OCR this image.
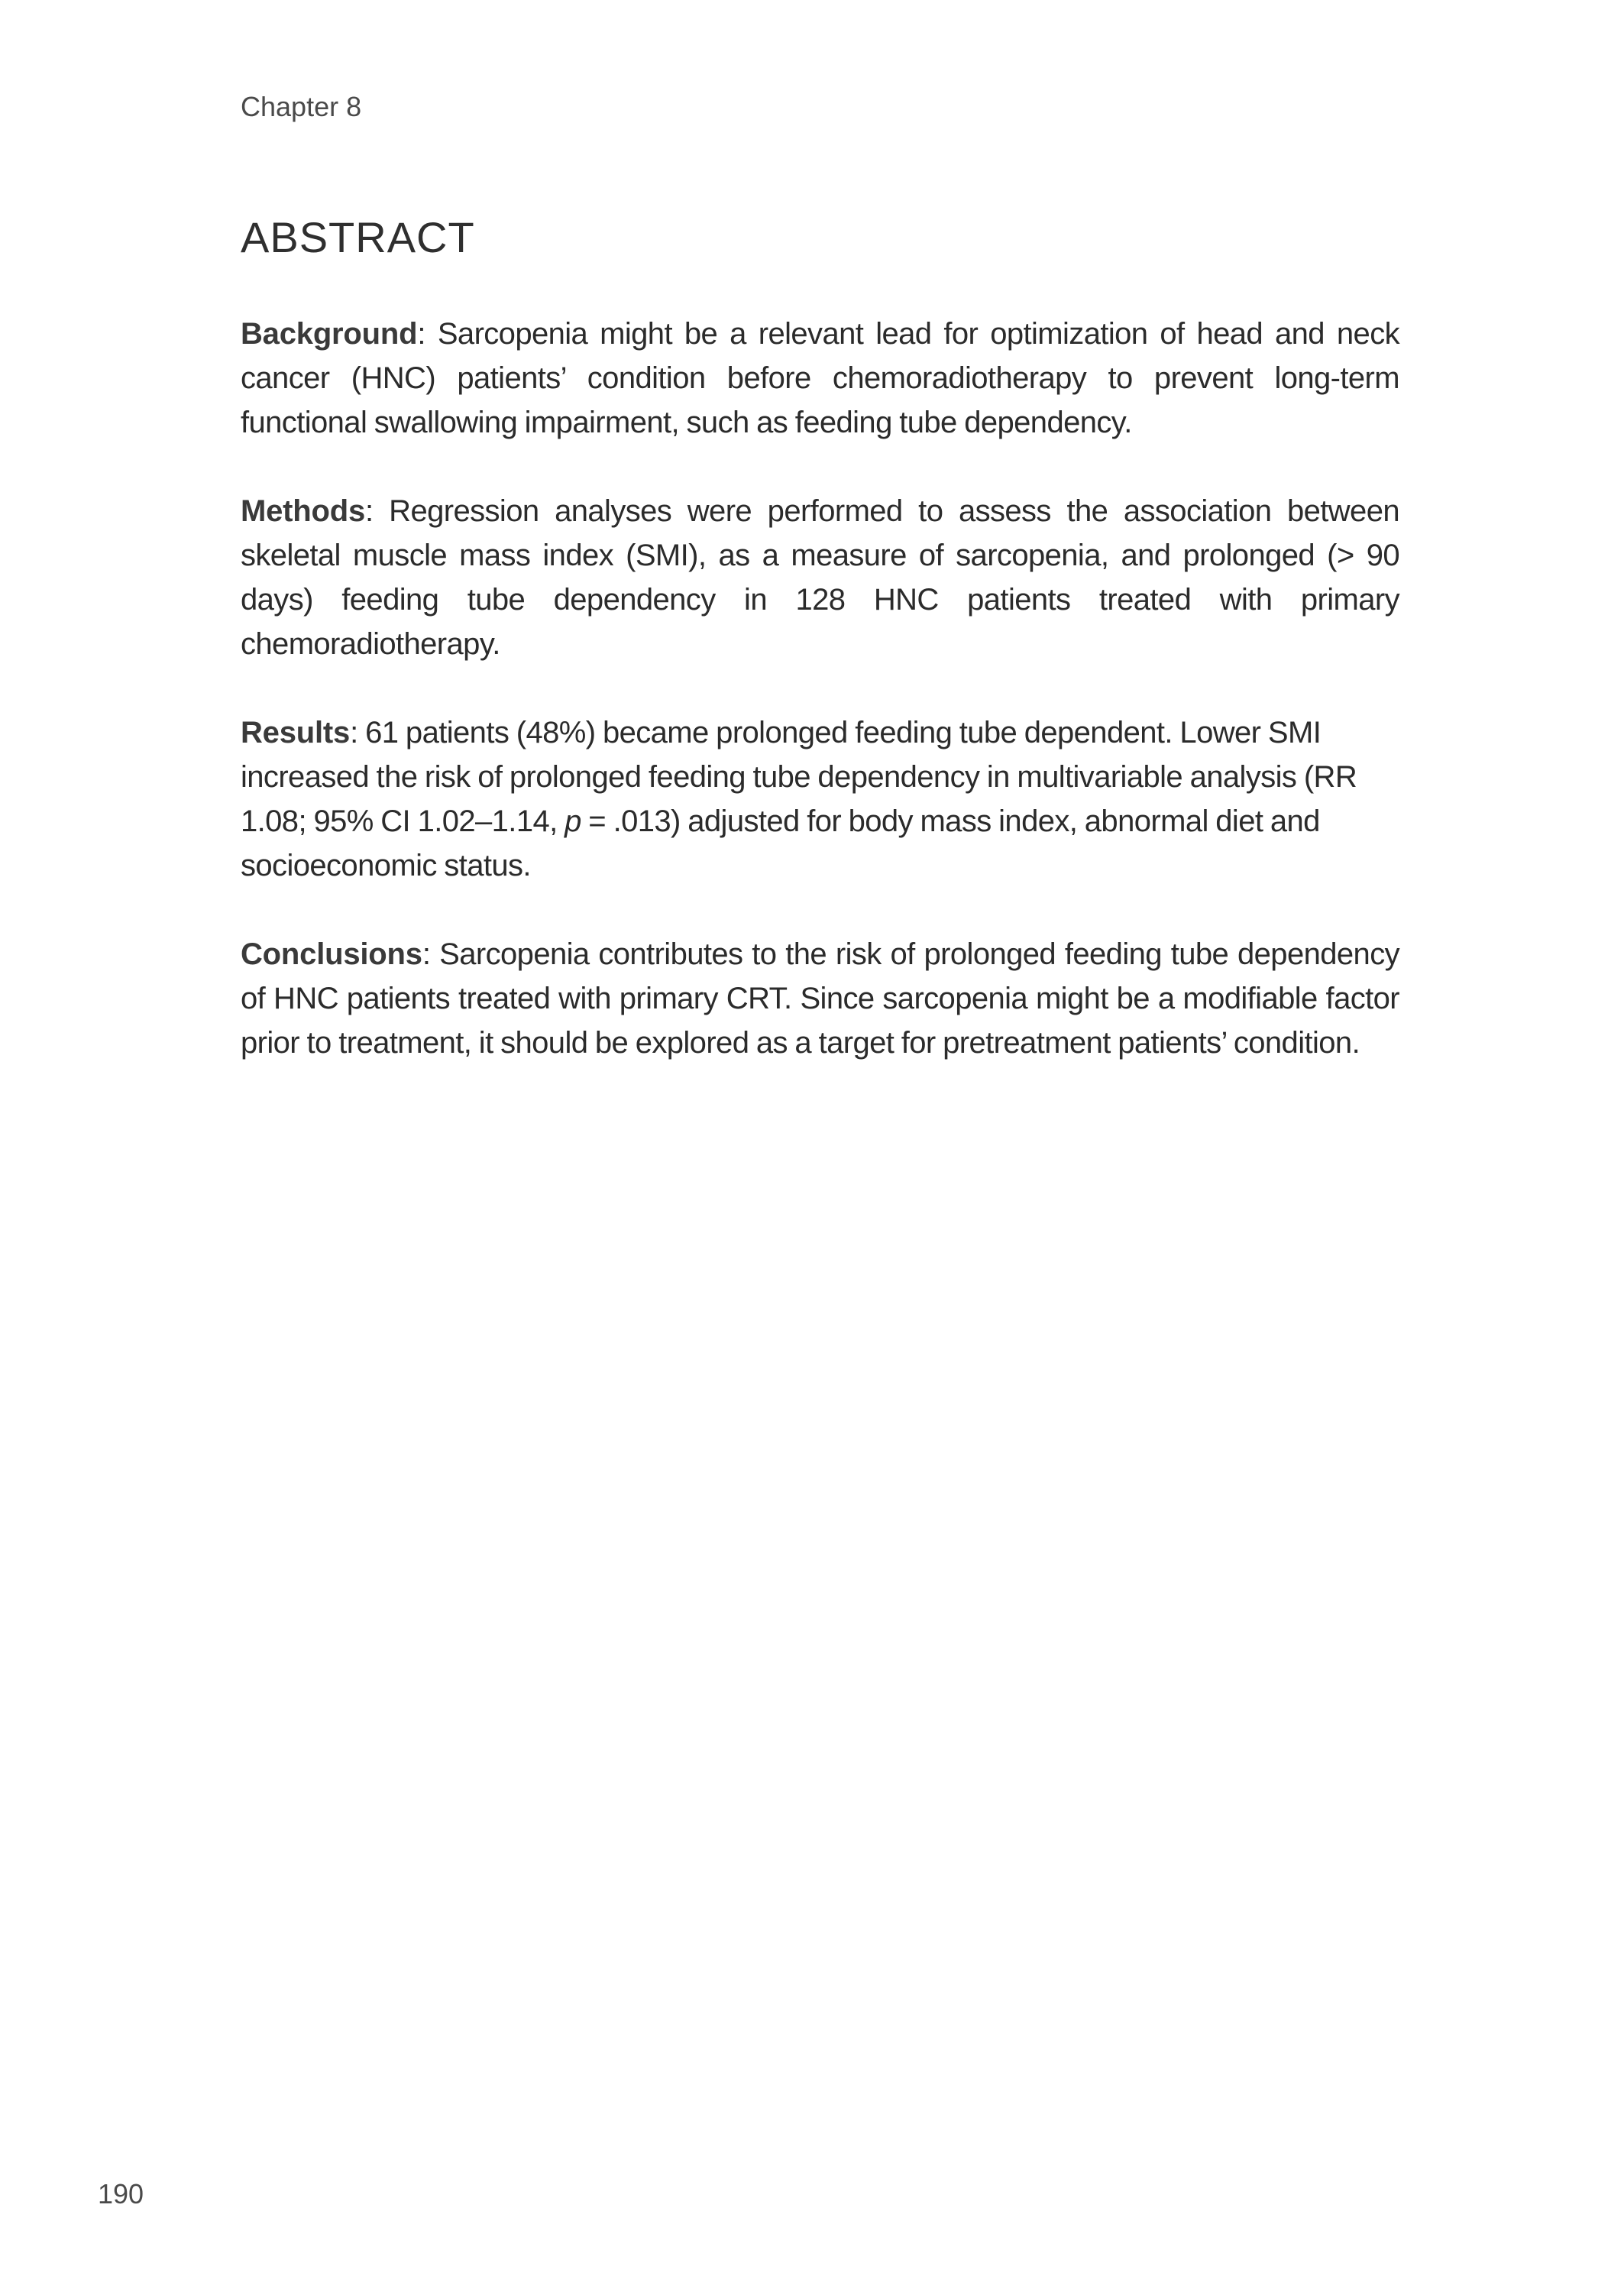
Chapter 8
ABSTRACT

Background: Sarcopenia might be a relevant lead for optimization of head and neck cancer (HNC) patients’ condition before chemoradiotherapy to prevent long-term functional swallowing impairment, such as feeding tube dependency.

Methods: Regression analyses were performed to assess the association between skeletal muscle mass index (SMI), as a measure of sarcopenia, and prolonged (> 90 days) feeding tube dependency in 128 HNC patients treated with primary chemoradiotherapy.

Results: 61 patients (48%) became prolonged feeding tube dependent. Lower SMI increased the risk of prolonged feeding tube dependency in multivariable analysis (RR 1.08; 95% CI 1.02–1.14, p = .013) adjusted for body mass index, abnormal diet and socioeconomic status.

Conclusions: Sarcopenia contributes to the risk of prolonged feeding tube dependency of HNC patients treated with primary CRT. Since sarcopenia might be a modifiable factor prior to treatment, it should be explored as a target for pretreatment patients’ condition.

190
